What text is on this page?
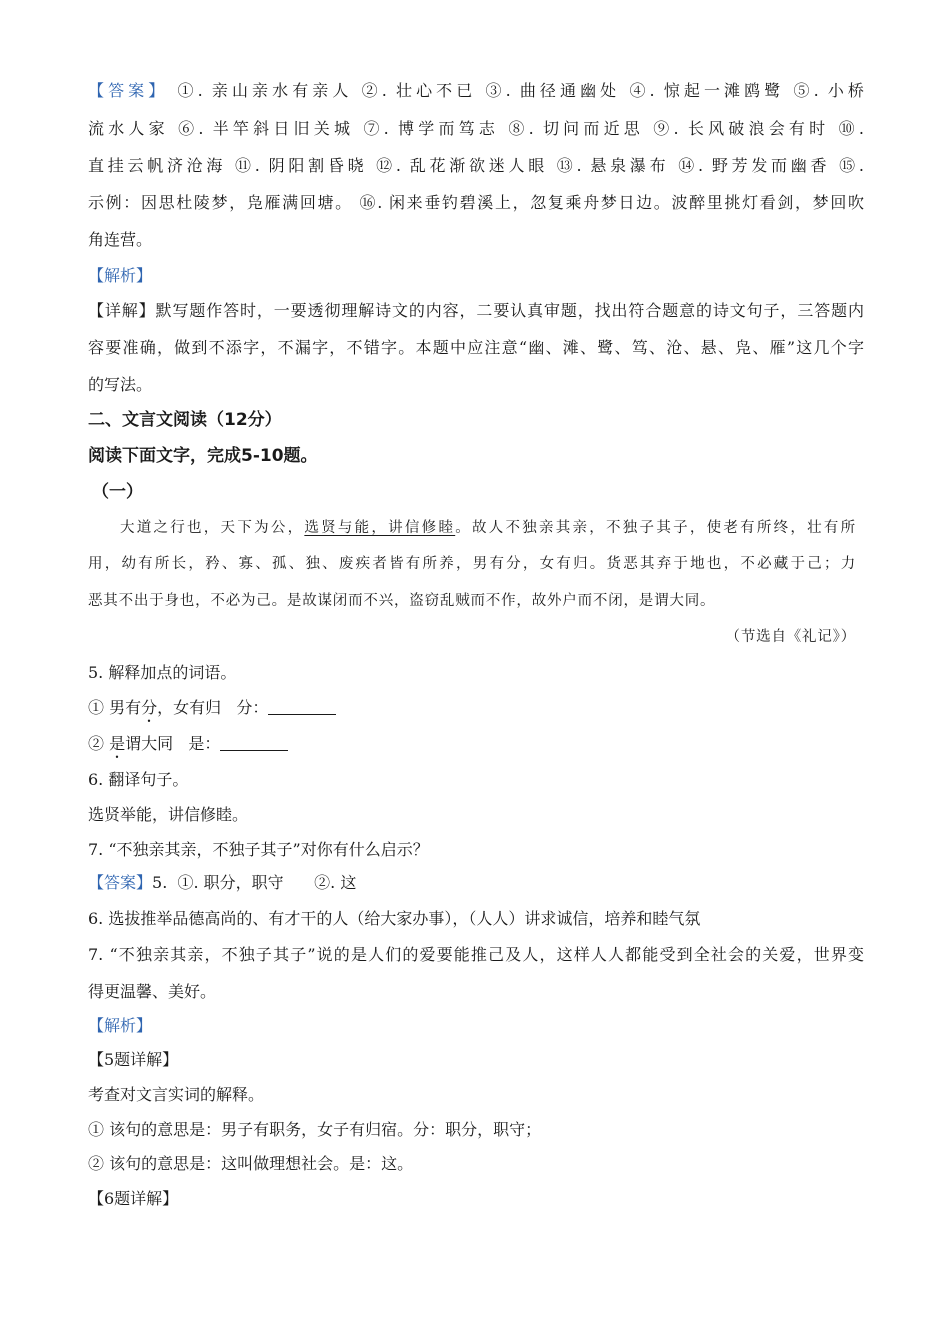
【答案】 ①. 亲山亲水有亲人 ②. 壮心不已 ③. 曲径通幽处 ④. 惊起一滩鸥鹭 ⑤. 小桥
流水人家 ⑥. 半竿斜日旧关城 ⑦. 博学而笃志 ⑧. 切问而近思 ⑨. 长风破浪会有时 ⑩.
直挂云帆济沧海 ⑪. 阴阳割昏晓 ⑫. 乱花渐欲迷人眼 ⑬. 悬泉瀑布 ⑭. 野芳发而幽香 ⑮.
示例：因思杜陵梦，凫雁满回塘。 ⑯. 闲来垂钓碧溪上，忽复乘舟梦日边。波醉里挑灯看剑，梦回吹
角连营。
【解析】
【详解】默写题作答时，一要透彻理解诗文的内容，二要认真审题，找出符合题意的诗文句子，三答题内
容要准确，做到不添字，不漏字，不错字。本题中应注意“幽、滩、鹭、笃、沧、悬、凫、雁”这几个字
的写法。
二、文言文阅读（12分）
阅读下面文字，完成5-10题。
（一）
大道之行也，天下为公，选贤与能，讲信修睦。故人不独亲其亲，不独子其子，使老有所终，壮有所
用，幼有所长，矜、寡、孤、独、废疾者皆有所养，男有分，女有归。货恶其弃于地也，不必藏于己；力
恶其不出于身也，不必为己。是故谋闭而不兴，盗窃乱贼而不作，故外户而不闭，是谓大同。
（节选自《礼记》）
5. 解释加点的词语。
① 男有分，女有归   分：
② 是谓大同   是：
6. 翻译句子。
选贤举能，讲信修睦。
7. “不独亲其亲，不独子其子”对你有什么启示？
【答案】5.  ①. 职分，职守      ②. 这
6. 选拔推举品德高尚的、有才干的人（给大家办事），（人人）讲求诚信，培养和睦气氛
7. “不独亲其亲，不独子其子”说的是人们的爱要能推己及人，这样人人都能受到全社会的关爱，世界变
得更温馨、美好。
【解析】
【5题详解】
考查对文言实词的解释。
① 该句的意思是：男子有职务，女子有归宿。分：职分，职守；
② 该句的意思是：这叫做理想社会。是：这。
【6题详解】
